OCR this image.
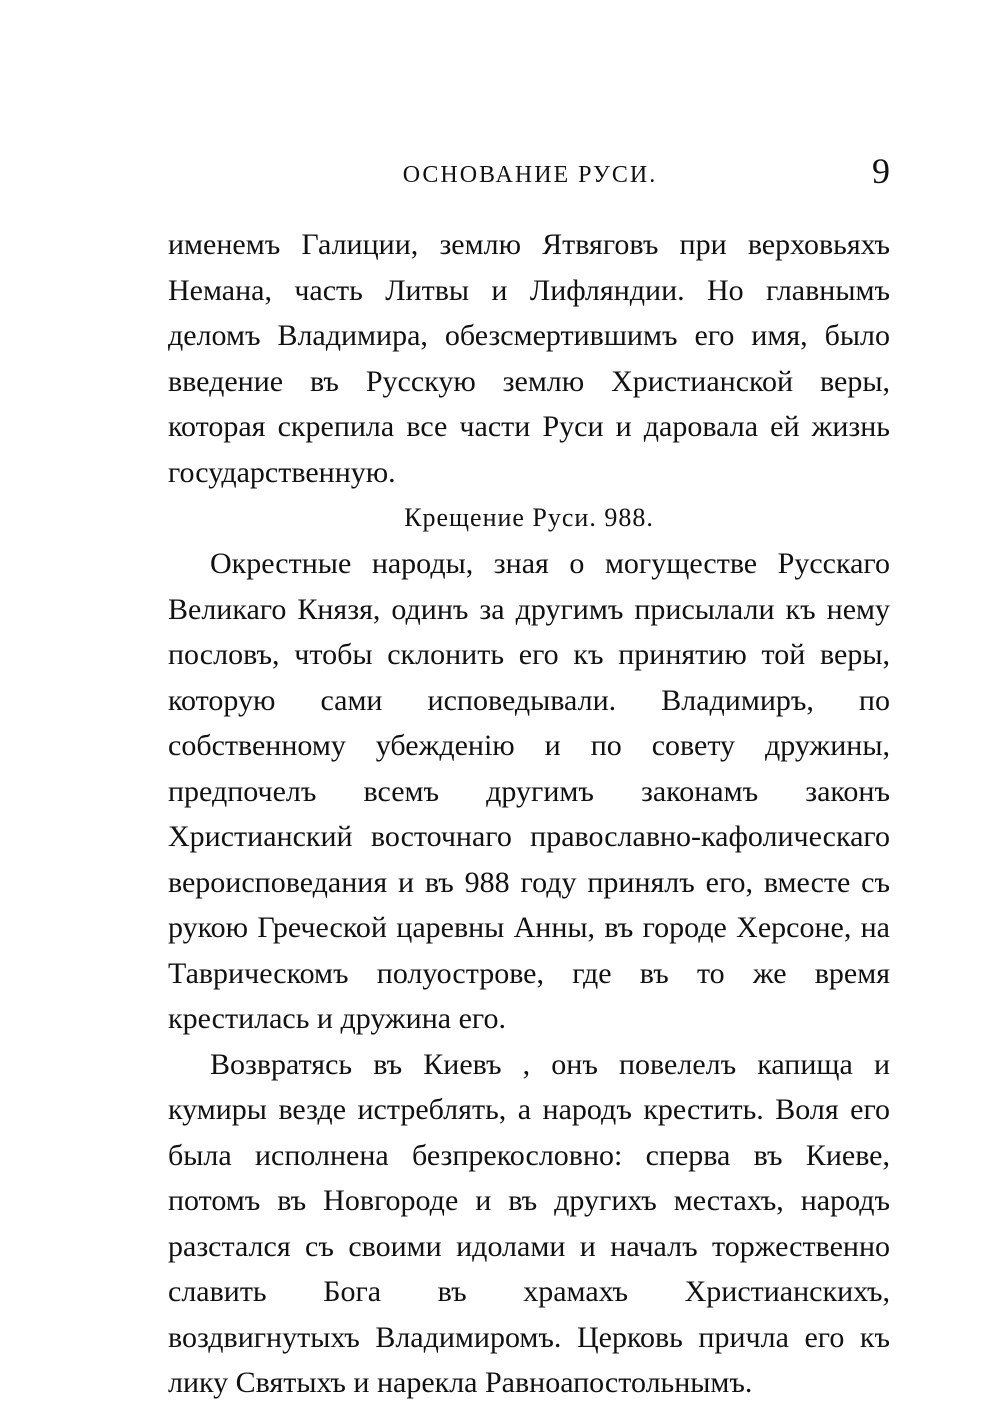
ОСНОВАНИЕ РУСИ.	9

именемъ Галиции, землю Ятвяговъ при верховьяхъ Немана, часть Литвы и Лифляндии. Но главнымъ деломъ Владимира, обезсмертившимъ его имя, было введение въ Русскую землю Христианской веры, которая скрепила все части Руси и даровала ей жизнь государственную.

Крещение Руси. 988.

Окрестные народы, зная о могуществе Русскаго Великаго Князя, одинъ за другимъ присылали къ нему пословъ, чтобы склонить его къ принятию той веры, которую сами исповедывали. Владимиръ, по собственному убежденiю и по совету дружины, предпочелъ всемъ другимъ законамъ законъ Христианский восточнаго православно-кафолическаго вероисповедания и въ 988 году принялъ его, вместе съ рукою Греческой царевны Анны, въ городе Херсоне, на Таврическомъ полуострове, где въ то же время крестилась и дружина его.

Возвратясь въ Киевъ , онъ повелелъ капища и кумиры везде истреблять, а народъ крестить. Воля его была исполнена безпрекословно: сперва въ Киеве, потомъ въ Новгороде и въ другихъ местахъ, народъ разстался съ своими идолами и началъ торжественно славить Бога въ храмахъ Христианскихъ, воздвигнутыхъ Владимиромъ. Церковь причла его къ лику Святыхъ и нарекла Равноапостольнымъ.
